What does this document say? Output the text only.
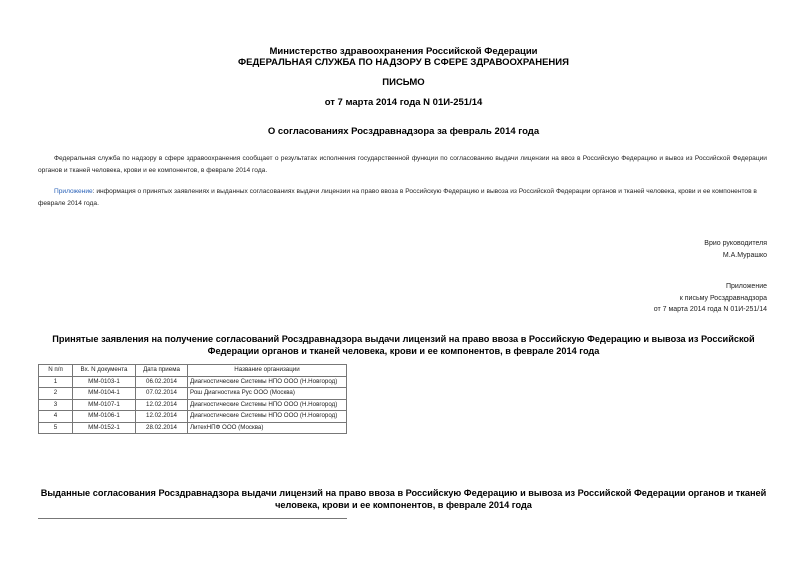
Министерство здравоохранения Российской Федерации
ФЕДЕРАЛЬНАЯ СЛУЖБА ПО НАДЗОРУ В СФЕРЕ ЗДРАВООХРАНЕНИЯ
ПИСЬМО
от 7 марта 2014 года N 01И-251/14
О согласованиях Росздравнадзора за февраль 2014 года
Федеральная служба по надзору в сфере здравоохранения сообщает о результатах исполнения государственной функции по согласованию выдачи лицензии на ввоз в Российскую Федерацию и вывоз из Российской Федерации органов и тканей человека, крови и ее компонентов, в феврале 2014 года.
Приложение: информация о принятых заявлениях и выданных согласованиях выдачи лицензии на право ввоза в Российскую Федерацию и вывоза из Российской Федерации органов и тканей человека, крови и ее компонентов в феврале 2014 года.
Врио руководителя
М.А.Мурашко
Приложение
к письму Росздравнадзора
от 7 марта 2014 года N 01И-251/14
Принятые заявления на получение согласований Росздравнадзора выдачи лицензий на право ввоза в Российскую Федерацию и вывоза из Российской Федерации органов и тканей человека, крови и ее компонентов, в феврале 2014 года
N п/п	Вх. N документа	Дата приема	Название организации
1	ММ-0103-1	06.02.2014	Диагностические Системы НПО ООО (Н.Новгород)
2	ММ-0104-1	07.02.2014	Рош Диагностика Рус ООО (Москва)
3	ММ-0107-1	12.02.2014	Диагностические Системы НПО ООО (Н.Новгород)
4	ММ-0106-1	12.02.2014	Диагностические Системы НПО ООО (Н.Новгород)
5	ММ-0152-1	28.02.2014	ЛитехНПФ ООО (Москва)
Выданные согласования Росздравнадзора выдачи лицензий на право ввоза в Российскую Федерацию и вывоза из Российской Федерации органов и тканей человека, крови и ее компонентов, в феврале 2014 года
